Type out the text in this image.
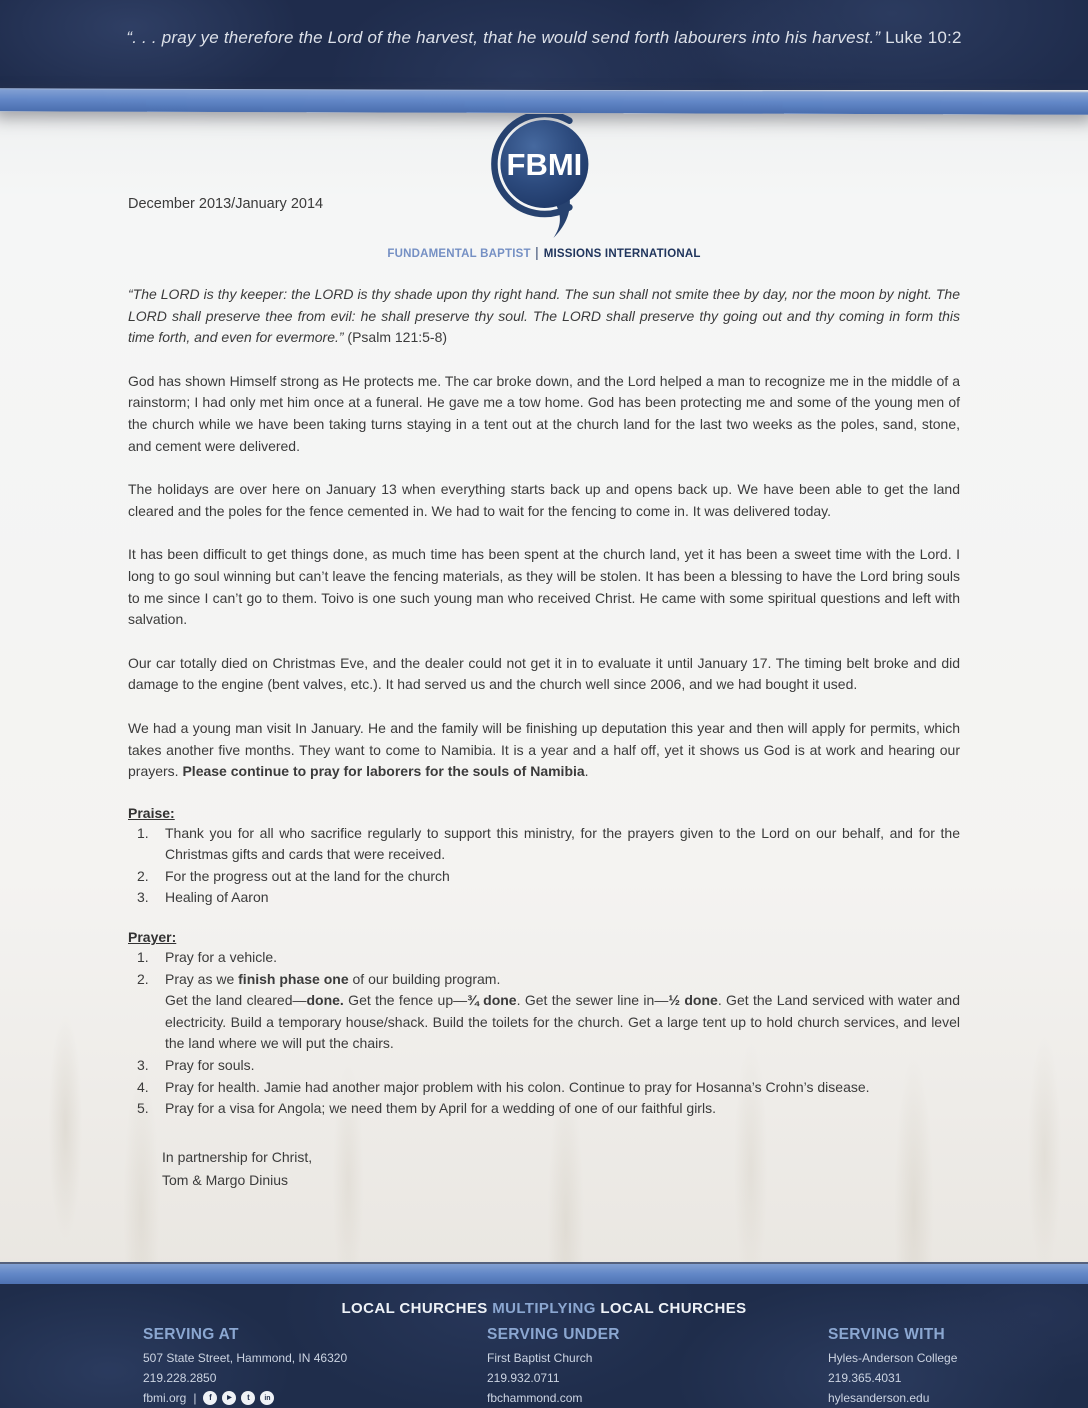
“. . . pray ye therefore the Lord of the harvest, that he would send forth labourers into his harvest.” Luke 10:2

December 2013/January 2014
FBMI
FUNDAMENTAL BAPTIST MISSIONS INTERNATIONAL

“The LORD is thy keeper: the LORD is thy shade upon thy right hand. The sun shall not smite thee by day, nor the moon by night. The LORD shall preserve thee from evil: he shall preserve thy soul. The LORD shall preserve thy going out and thy coming in form this time forth, and even for evermore.” (Psalm 121:5-8)

God has shown Himself strong as He protects me. The car broke down, and the Lord helped a man to recognize me in the middle of a rainstorm; I had only met him once at a funeral. He gave me a tow home. God has been protecting me and some of the young men of the church while we have been taking turns staying in a tent out at the church land for the last two weeks as the poles, sand, stone, and cement were delivered.

The holidays are over here on January 13 when everything starts back up and opens back up. We have been able to get the land cleared and the poles for the fence cemented in. We had to wait for the fencing to come in. It was delivered today.

It has been difficult to get things done, as much time has been spent at the church land, yet it has been a sweet time with the Lord. I long to go soul winning but can’t leave the fencing materials, as they will be stolen. It has been a blessing to have the Lord bring souls to me since I can’t go to them. Toivo is one such young man who received Christ. He came with some spiritual questions and left with salvation.

Our car totally died on Christmas Eve, and the dealer could not get it in to evaluate it until January 17. The timing belt broke and did damage to the engine (bent valves, etc.). It had served us and the church well since 2006, and we had bought it used.

We had a young man visit In January. He and the family will be finishing up deputation this year and then will apply for permits, which takes another five months. They want to come to Namibia. It is a year and a half off, yet it shows us God is at work and hearing our prayers. Please continue to pray for laborers for the souls of Namibia.

Praise:
Thank you for all who sacrifice regularly to support this ministry, for the prayers given to the Lord on our behalf, and for the Christmas gifts and cards that were received.
For the progress out at the land for the church
Healing of Aaron
Prayer:
Pray for a vehicle.
Pray as we finish phase one of our building program.
Get the land cleared—done. Get the fence up—¾ done. Get the sewer line in—½ done. Get the Land serviced with water and electricity. Build a temporary house/shack. Build the toilets for the church. Get a large tent up to hold church services, and level the land where we will put the chairs.
Pray for souls.
Pray for health. Jamie had another major problem with his colon. Continue to pray for Hosanna’s Crohn’s disease.
Pray for a visa for Angola; we need them by April for a wedding of one of our faithful girls.
In partnership for Christ,
Tom & Margo Dinius
LOCAL CHURCHES MULTIPLYING LOCAL CHURCHES
SERVING AT
507 State Street, Hammond, IN 46320
219.228.2850
fbmi.org |	f	▶	t	in
SERVING UNDER
First Baptist Church
219.932.0711
fbchammond.com
SERVING WITH
Hyles-Anderson College
219.365.4031
hylesanderson.edu
